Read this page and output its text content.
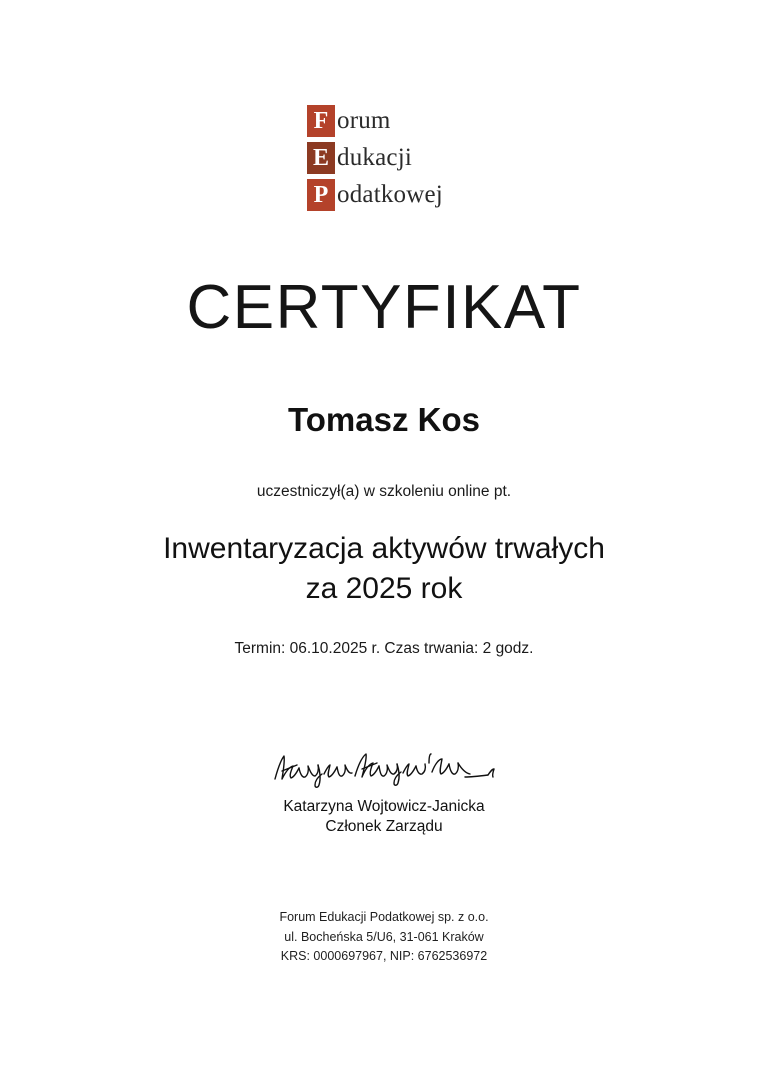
F orum
E dukacji
P odatkowej
CERTYFIKAT
Tomasz Kos
uczestniczył(a) w szkoleniu online pt.
Inwentaryzacja aktywów trwałych
za 2025 rok
Termin: 06.10.2025 r. Czas trwania: 2 godz.
Katarzyna Wojtowicz-Janicka
Członek Zarządu
Forum Edukacji Podatkowej sp. z o.o.
ul. Bocheńska 5/U6, 31-061 Kraków
KRS: 0000697967, NIP: 6762536972
